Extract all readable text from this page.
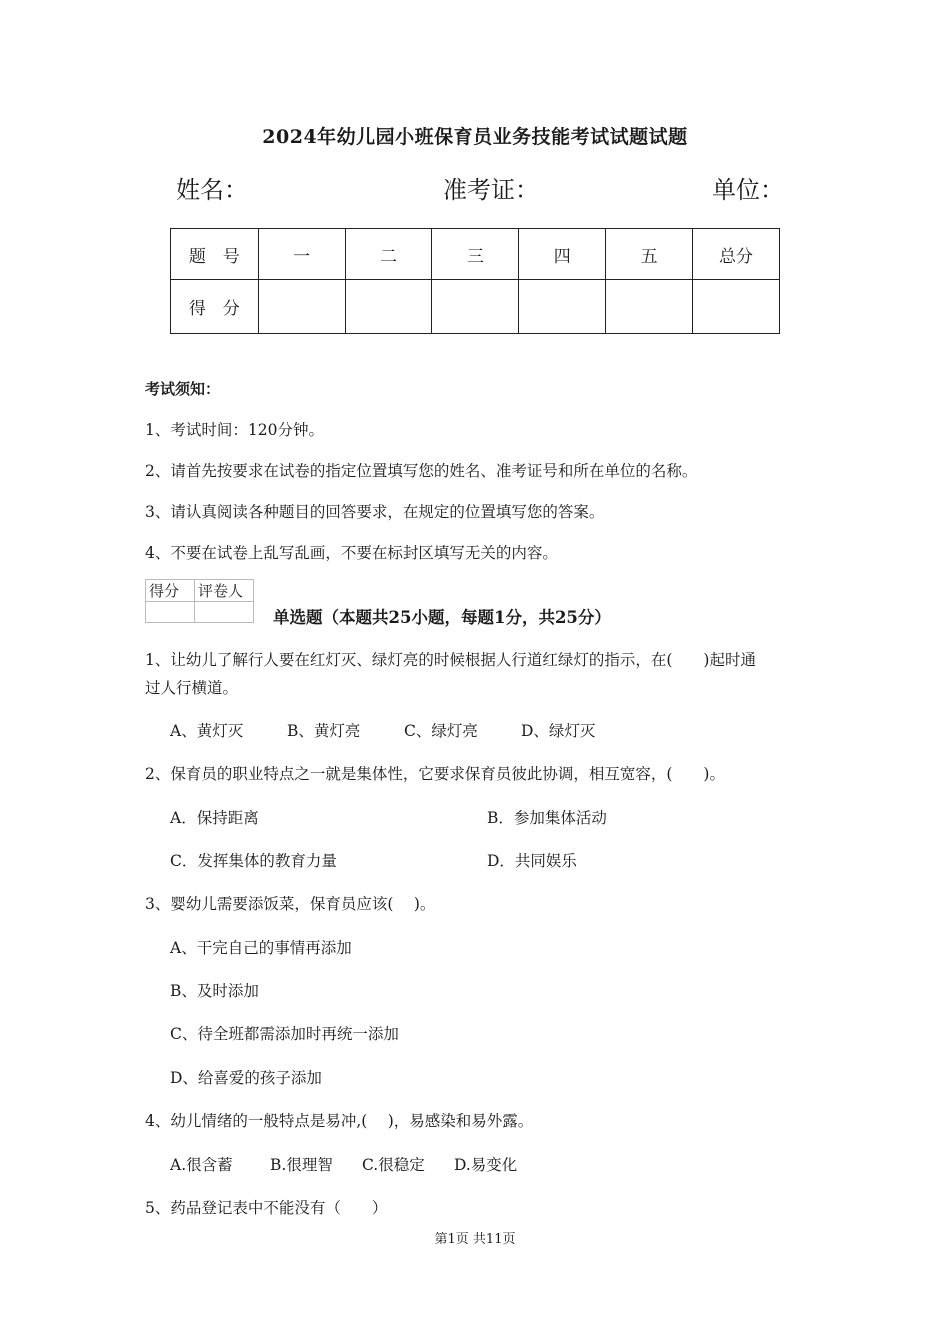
2024年幼儿园小班保育员业务技能考试试题试题
姓名：	准考证：	单位：
题　号	一	二	三	四	五	总分
得　分						
考试须知：
1、考试时间：120分钟。
2、请首先按要求在试卷的指定位置填写您的姓名、准考证号和所在单位的名称。
3、请认真阅读各种题目的回答要求，在规定的位置填写您的答案。
4、不要在试卷上乱写乱画，不要在标封区填写无关的内容。
得分	评卷人

单选题（本题共25小题，每题1分，共25分）
1、让幼儿了解行人要在红灯灭、绿灯亮的时候根据人行道红绿灯的指示，在(　　)起时通
过人行横道。
A、黄灯灭	B、黄灯亮	C、绿灯亮	D、绿灯灭
2、保育员的职业特点之一就是集体性，它要求保育员彼此协调，相互宽容，(　　)。
A．保持距离	B．参加集体活动
C．发挥集体的教育力量	D．共同娱乐
3、婴幼儿需要添饭菜，保育员应该(　 )。
A、干完自己的事情再添加
B、及时添加
C、待全班都需添加时再统一添加
D、给喜爱的孩子添加
4、幼儿情绪的一般特点是易冲,(　 )，易感染和易外露。
A.很含蓄 B.很理智 C.很稳定 D.易变化
5、药品登记表中不能没有（　　）
第1页 共11页
